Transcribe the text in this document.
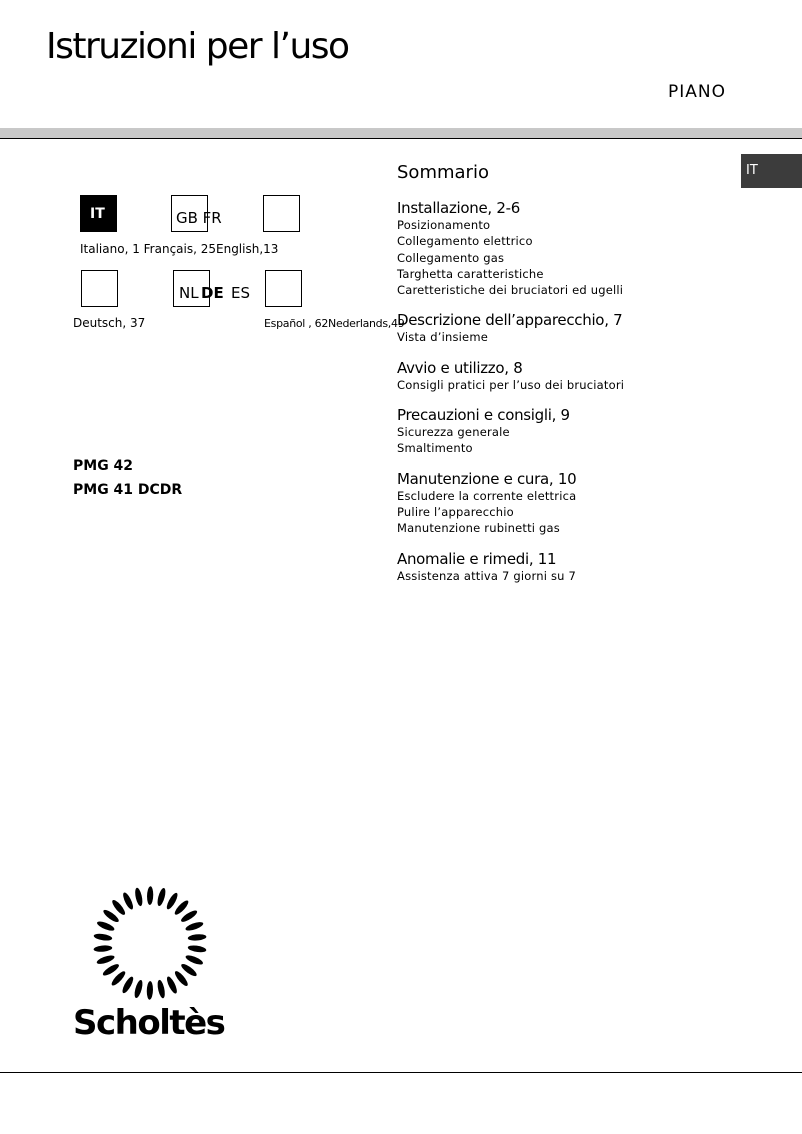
Istruzioni per l’uso
PIANO
IT
IT	GB FR
Italiano, 1 Français, 25English,13
NL DE ES
Deutsch, 37	Español , 62Nederlands,49
PMG 42
PMG 41 DCDR
Sommario
Installazione, 2-6
Posizionamento
Collegamento elettrico
Collegamento gas
Targhetta caratteristiche
Caretteristiche dei bruciatori ed ugelli
Descrizione dell’apparecchio, 7
Vista d’insieme
Avvio e utilizzo, 8
Consigli pratici per l’uso dei bruciatori
Precauzioni e consigli, 9
Sicurezza generale
Smaltimento
Manutenzione e cura, 10
Escludere la corrente elettrica
Pulire l’apparecchio
Manutenzione rubinetti gas
Anomalie e rimedi, 11
Assistenza attiva 7 giorni su 7
Scholtès
